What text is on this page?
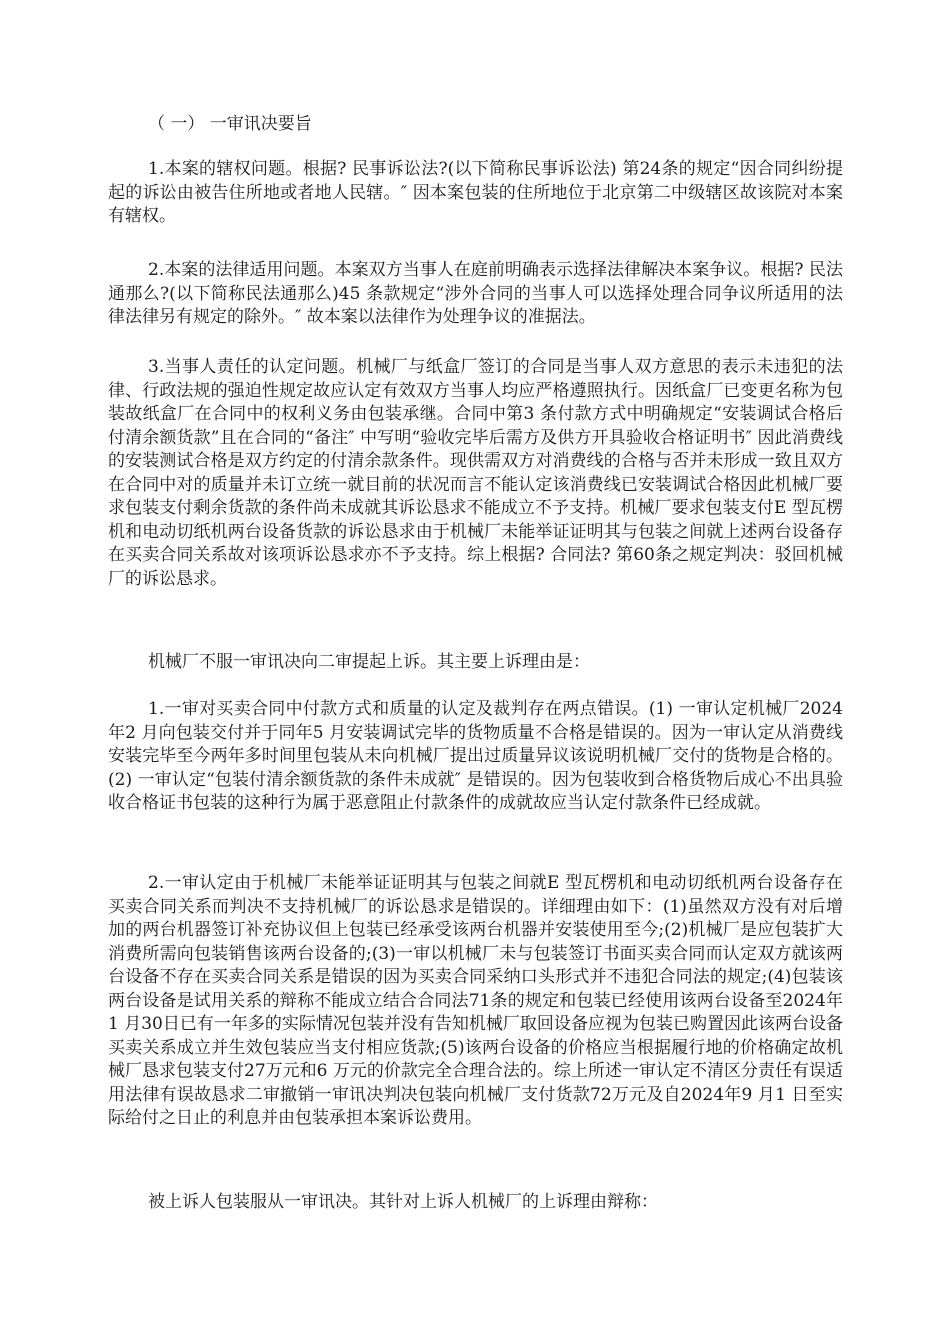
（ 一） 一审讯决要旨

1.本案的辖权问题。根据? 民事诉讼法?(以下简称民事诉讼法) 第24条的规定“因合同纠纷提起的诉讼由被告住所地或者地人民辖。″ 因本案包装的住所地位于北京第二中级辖区故该院对本案有辖权。

2.本案的法律适用问题。本案双方当事人在庭前明确表示选择法律解决本案争议。根据? 民法通那么?(以下简称民法通那么)45 条款规定“涉外合同的当事人可以选择处理合同争议所适用的法律法律另有规定的除外。″ 故本案以法律作为处理争议的准据法。

3.当事人责任的认定问题。机械厂与纸盒厂签订的合同是当事人双方意思的表示未违犯的法律、行政法规的强迫性规定故应认定有效双方当事人均应严格遵照执行。因纸盒厂已变更名称为包装故纸盒厂在合同中的权利义务由包装承继。合同中第3 条付款方式中明确规定“安装调试合格后付清余额货款”且在合同的“备注″ 中写明“验收完毕后需方及供方开具验收合格证明书″ 因此消费线的安装测试合格是双方约定的付清余款条件。现供需双方对消费线的合格与否并未形成一致且双方在合同中对的质量并未订立统一就目前的状况而言不能认定该消费线已安装调试合格因此机械厂要求包装支付剩余货款的条件尚未成就其诉讼恳求不能成立不予支持。机械厂要求包装支付E 型瓦楞机和电动切纸机两台设备货款的诉讼恳求由于机械厂未能举证证明其与包装之间就上述两台设备存在买卖合同关系故对该项诉讼恳求亦不予支持。综上根据? 合同法? 第60条之规定判决：驳回机械厂的诉讼恳求。

机械厂不服一审讯决向二审提起上诉。其主要上诉理由是：

1.一审对买卖合同中付款方式和质量的认定及裁判存在两点错误。(1) 一审认定机械厂2024年2 月向包装交付并于同年5 月安装调试完毕的货物质量不合格是错误的。因为一审认定从消费线安装完毕至今两年多时间里包装从未向机械厂提出过质量异议该说明机械厂交付的货物是合格的。(2) 一审认定“包装付清余额货款的条件未成就″ 是错误的。因为包装收到合格货物后成心不出具验收合格证书包装的这种行为属于恶意阻止付款条件的成就故应当认定付款条件已经成就。

2.一审认定由于机械厂未能举证证明其与包装之间就E 型瓦楞机和电动切纸机两台设备存在买卖合同关系而判决不支持机械厂的诉讼恳求是错误的。详细理由如下：(1)虽然双方没有对后增加的两台机器签订补充协议但上包装已经承受该两台机器并安装使用至今;(2)机械厂是应包装扩大消费所需向包装销售该两台设备的;(3)一审以机械厂未与包装签订书面买卖合同而认定双方就该两台设备不存在买卖合同关系是错误的因为买卖合同采纳口头形式并不违犯合同法的规定;(4)包装该两台设备是试用关系的辩称不能成立结合合同法71条的规定和包装已经使用该两台设备至2024年1 月30日已有一年多的实际情况包装并没有告知机械厂取回设备应视为包装已购置因此该两台设备买卖关系成立并生效包装应当支付相应货款;(5)该两台设备的价格应当根据履行地的价格确定故机械厂恳求包装支付27万元和6 万元的价款完全合理合法的。综上所述一审认定不清区分责任有误适用法律有误故恳求二审撤销一审讯决判决包装向机械厂支付货款72万元及自2024年9 月1 日至实际给付之日止的利息并由包装承担本案诉讼费用。

被上诉人包装服从一审讯决。其针对上诉人机械厂的上诉理由辩称：
